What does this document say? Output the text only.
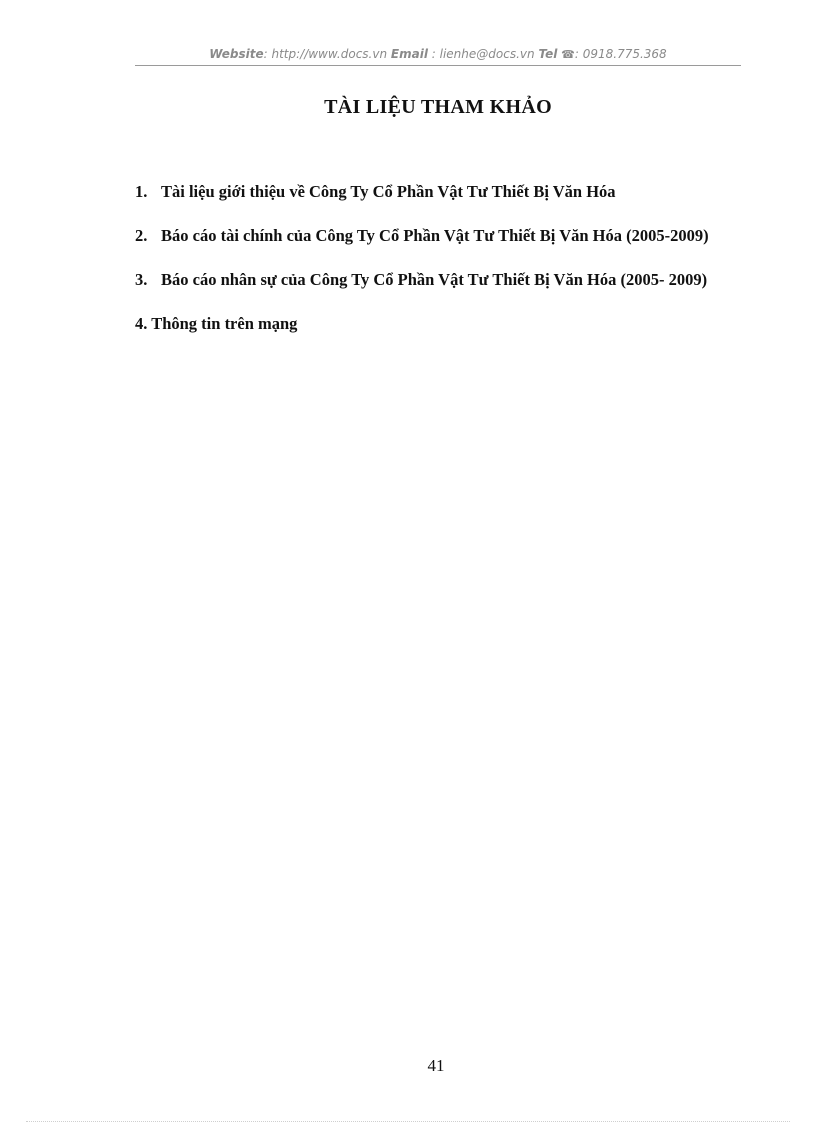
Website: http://www.docs.vn Email : lienhe@docs.vn Tel ☎: 0918.775.368
TÀI LIỆU THAM KHẢO
1. Tài liệu giới thiệu về Công Ty Cổ Phần Vật Tư Thiết Bị Văn Hóa
2. Báo cáo tài chính của Công Ty Cổ Phần Vật Tư Thiết Bị Văn Hóa (2005-2009)
3. Báo cáo nhân sự của Công Ty Cổ Phần Vật Tư Thiết Bị Văn Hóa (2005- 2009)
4. Thông tin trên mạng
41
